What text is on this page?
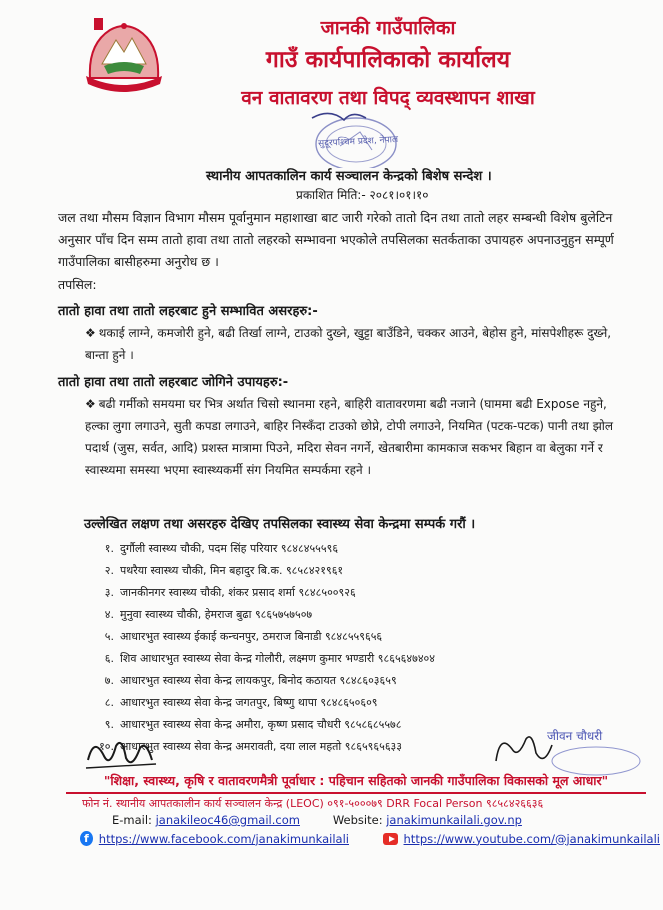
जानकी गाउँपालिका
गाउँ कार्यपालिकाको कार्यालय
वन वातावरण तथा विपद् व्यवस्थापन शाखा
सुदूरपश्चिम प्रदेश, नेपाल
स्थानीय आपतकालिन कार्य सञ्चालन केन्द्रको बिशेष सन्देश ।
प्रकाशित मिति:- २०८१।०१।१०
जल तथा मौसम विज्ञान विभाग मौसम पूर्वानुमान महाशाखा बाट जारी गरेको तातो दिन तथा तातो लहर सम्बन्धी विशेष बुलेटिन अनुसार पाँच दिन सम्म तातो हावा तथा तातो लहरको सम्भावना भएकोले तपसिलका सतर्कताका उपायहरु अपनाउनुहुन सम्पूर्ण गाउँपालिका बासीहरुमा अनुरोध छ ।
तपसिल:
तातो हावा तथा तातो लहरबाट हुने सम्भावित असरहरु:-
❖ थकाई लाग्ने, कमजोरी हुने, बढी तिर्खा लाग्ने, टाउको दुख्ने, खुट्टा बाउँडिने, चक्कर आउने, बेहोस हुने, मांसपेशीहरू दुख्ने, बान्ता हुने ।
तातो हावा तथा तातो लहरबाट जोगिने उपायहरु:-
❖ बढी गर्मीको समयमा घर भित्र अर्थात चिसो स्थानमा रहने, बाहिरी वातावरणमा बढी नजाने (घाममा बढी Expose नहुने, हल्का लुगा लगाउने, सुती कपडा लगाउने, बाहिर निस्कँदा टाउको छोप्ने, टोपी लगाउने, नियमित (पटक-पटक) पानी तथा झोल पदार्थ (जुस, सर्वत, आदि) प्रशस्त मात्रामा पिउने, मदिरा सेवन नगर्ने, खेतबारीमा कामकाज सकभर बिहान वा बेलुका गर्ने र स्वास्थ्यमा समस्या भएमा स्वास्थ्यकर्मी संग नियमित सम्पर्कमा रहने ।
उल्लेखित लक्षण तथा असरहरु देखिए तपसिलका स्वास्थ्य सेवा केन्द्रमा सम्पर्क गरौं ।
१. दुर्गौली स्वास्थ्य चौकी, पदम सिंह परियार ९८४८४५५५९६
२. पथरैया स्वास्थ्य चौकी, मिन बहादुर बि.क. ९८५८४२१९६१
३. जानकीनगर स्वास्थ्य चौकी, शंकर प्रसाद शर्मा ९८४८५००९२६
४. मुनुवा स्वास्थ्य चौकी, हेमराज बुढा ९८६५७५७५०७
५. आधारभुत स्वास्थ्य ईकाई कन्चनपुर, ठमराज बिनाडी ९८४८५५९६५६
६. शिव आधारभुत स्वास्थ्य सेवा केन्द्र गोलौरी, लक्ष्मण कुमार भण्डारी ९८६५६४७४०४
७. आधारभुत स्वास्थ्य सेवा केन्द्र लायकपुर, बिनोद कठायत ९८४८६०३६५९
८. आधारभुत स्वास्थ्य सेवा केन्द्र जगतपुर, बिष्णु थापा ९८४८६५०६०९
९. आधारभुत स्वास्थ्य सेवा केन्द्र अमौरा, कृष्ण प्रसाद चौधरी ९८५८६८५५७८
१०. आधारभुत स्वास्थ्य सेवा केन्द्र अमरावती, दया लाल महतो ९८६५९६५६३३
जीवन चौधरी
"शिक्षा, स्वास्थ्य, कृषि र वातावरणमैत्री पूर्वाधार : पहिचान सहितको जानकी गाउँपालिका विकासको मूल आधार"
फोन नं. स्थानीय आपतकालीन कार्य सञ्चालन केन्द्र (LEOC) ०९१-५०००७९ DRR Focal Person ९८५८४२६६३६
E-mail: janakileoc46@gmail.com	Website: janakimunkailali.gov.np
f https://www.facebook.com/janakimunkailali	https://www.youtube.com/@janakimunkailali
